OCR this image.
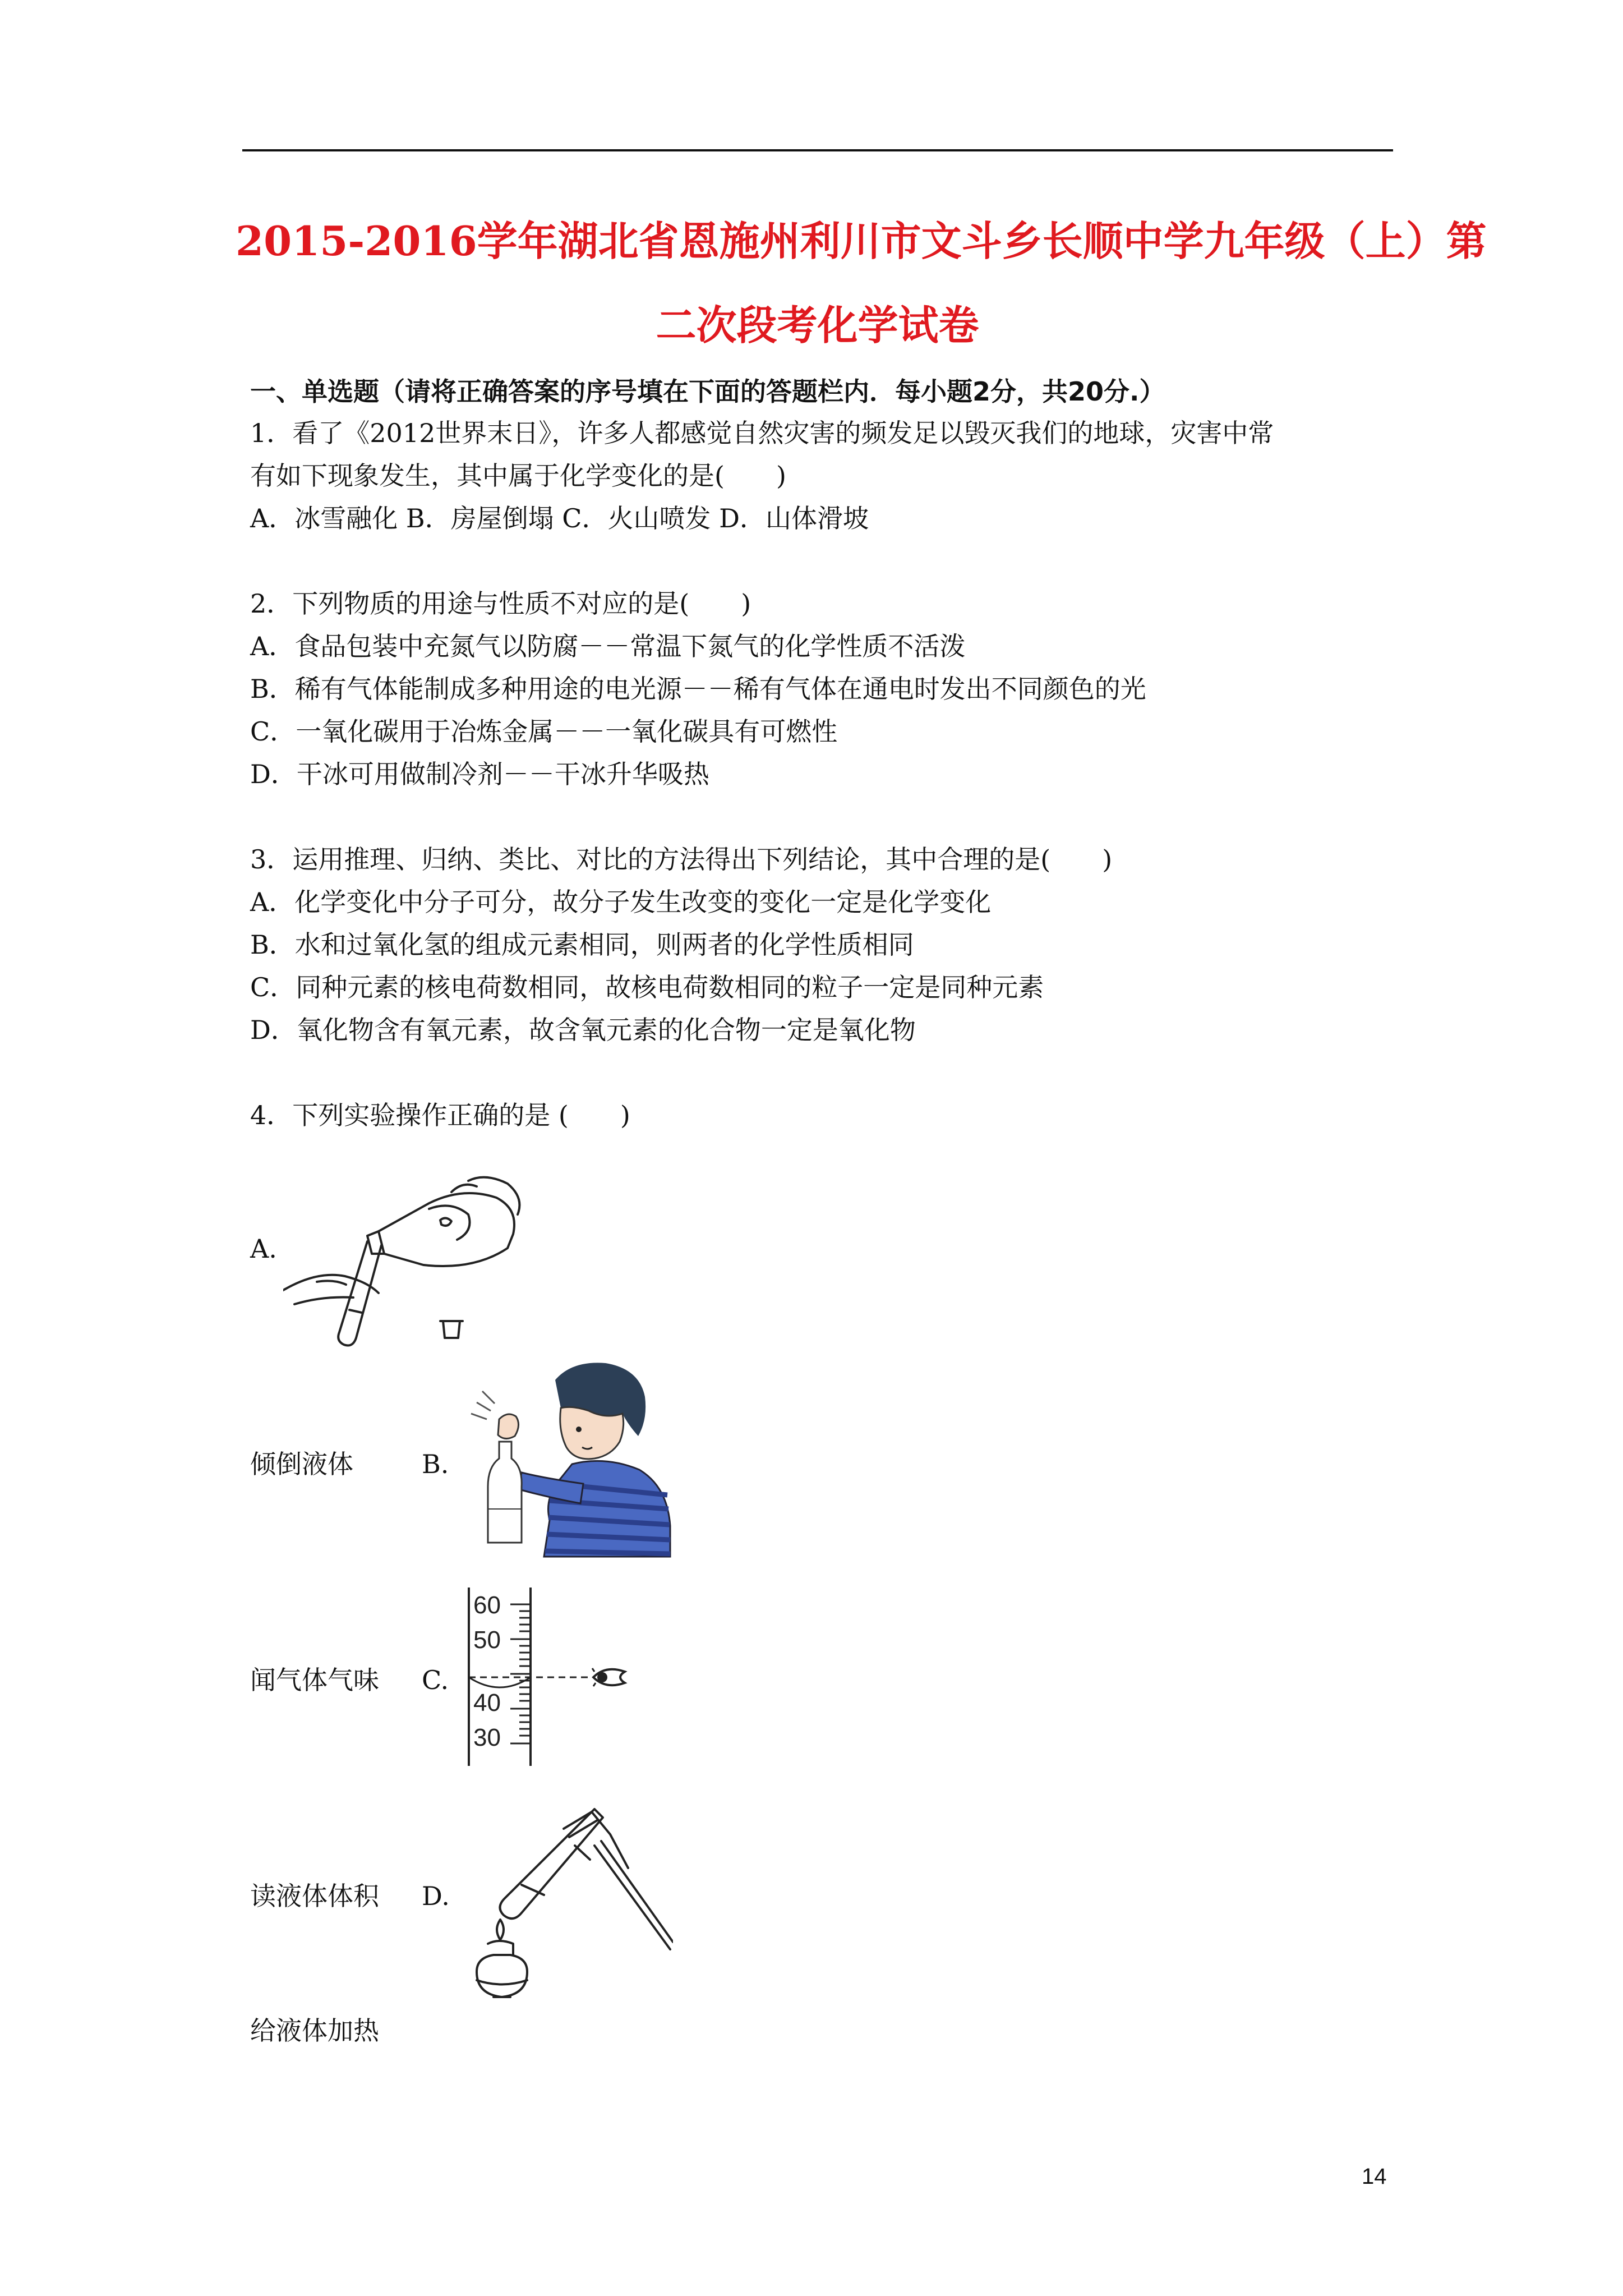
2015-2016学年湖北省恩施州利川市文斗乡长顺中学九年级（上）第
二次段考化学试卷
一、单选题（请将正确答案的序号填在下面的答题栏内．每小题2分，共20分.）
1．看了《2012世界末日》，许多人都感觉自然灾害的频发足以毁灭我们的地球，灾害中常
有如下现象发生，其中属于化学变化的是(　　)
A．冰雪融化 B．房屋倒塌 C．火山喷发 D．山体滑坡
2．下列物质的用途与性质不对应的是(　　)
A．食品包装中充氮气以防腐－－常温下氮气的化学性质不活泼
B．稀有气体能制成多种用途的电光源－－稀有气体在通电时发出不同颜色的光
C．一氧化碳用于冶炼金属－－一氧化碳具有可燃性
D．干冰可用做制冷剂－－干冰升华吸热
3．运用推理、归纳、类比、对比的方法得出下列结论，其中合理的是(　　)
A．化学变化中分子可分，故分子发生改变的变化一定是化学变化
B．水和过氧化氢的组成元素相同，则两者的化学性质相同
C．同种元素的核电荷数相同，故核电荷数相同的粒子一定是同种元素
D．氧化物含有氧元素，故含氧元素的化合物一定是氧化物
4．下列实验操作正确的是 (　　)
A.
倾倒液体	B.
闻气体气味 C.
60
50
40
30
读液体体积 D.
给液体加热
14
